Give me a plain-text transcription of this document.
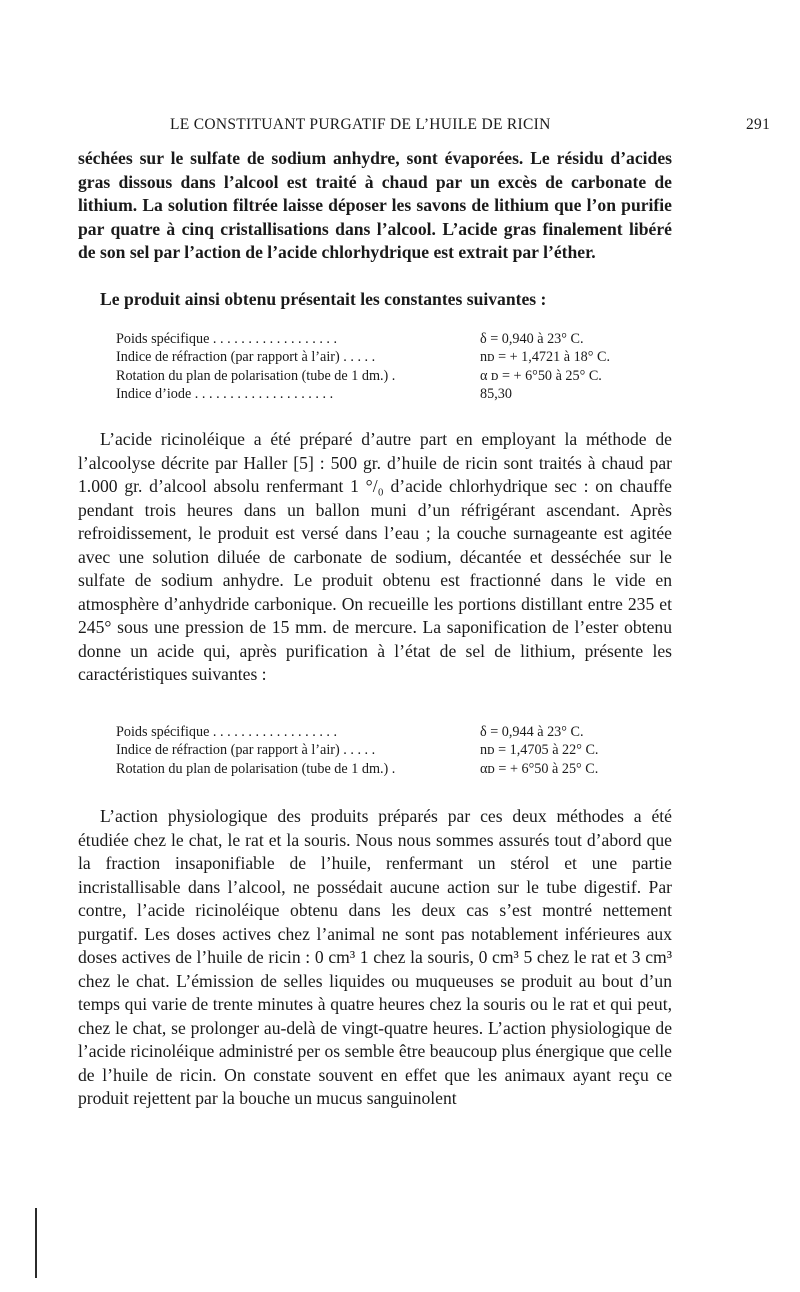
LE CONSTITUANT PURGATIF DE L’HUILE DE RICIN	291

séchées sur le sulfate de sodium anhydre, sont évaporées. Le résidu d’acides gras dissous dans l’alcool est traité à chaud par un excès de carbonate de lithium. La solution filtrée laisse déposer les savons de lithium que l’on purifie par quatre à cinq cristallisations dans l’alcool. L’acide gras finalement libéré de son sel par l’action de l’acide chlorhydrique est extrait par l’éther.

Le produit ainsi obtenu présentait les constantes suivantes :

Poids spécifique . . . . . . . . . . . . . . . . . .	δ = 0,940 à 23° C.
Indice de réfraction (par rapport à l’air) . . . . .	nᴅ = + 1,4721 à 18° C.
Rotation du plan de polarisation (tube de 1 dm.) .	α ᴅ = + 6°50 à 25° C.
Indice d’iode . . . . . . . . . . . . . . . . . . . .	85,30

L’acide ricinoléique a été préparé d’autre part en employant la méthode de l’alcoolyse décrite par Haller [5] : 500 gr. d’huile de ricin sont traités à chaud par 1.000 gr. d’alcool absolu renfermant 1 °/₀ d’acide chlorhydrique sec : on chauffe pendant trois heures dans un ballon muni d’un réfrigérant ascendant. Après refroidissement, le produit est versé dans l’eau ; la couche surnageante est agitée avec une solution diluée de carbonate de sodium, décantée et desséchée sur le sulfate de sodium anhydre. Le produit obtenu est fractionné dans le vide en atmosphère d’anhydride carbonique. On recueille les portions distillant entre 235 et 245° sous une pression de 15 mm. de mercure. La saponification de l’ester obtenu donne un acide qui, après purification à l’état de sel de lithium, présente les caractéristiques suivantes :

Poids spécifique . . . . . . . . . . . . . . . . . .	δ = 0,944 à 23° C.
Indice de réfraction (par rapport à l’air) . . . . .	nᴅ = 1,4705 à 22° C.
Rotation du plan de polarisation (tube de 1 dm.) .	αᴅ = + 6°50 à 25° C.

L’action physiologique des produits préparés par ces deux méthodes a été étudiée chez le chat, le rat et la souris. Nous nous sommes assurés tout d’abord que la fraction insaponifiable de l’huile, renfermant un stérol et une partie incristallisable dans l’alcool, ne possédait aucune action sur le tube digestif. Par contre, l’acide ricinoléique obtenu dans les deux cas s’est montré nettement purgatif. Les doses actives chez l’animal ne sont pas notablement inférieures aux doses actives de l’huile de ricin : 0 cm³ 1 chez la souris, 0 cm³ 5 chez le rat et 3 cm³ chez le chat. L’émission de selles liquides ou muqueuses se produit au bout d’un temps qui varie de trente minutes à quatre heures chez la souris ou le rat et qui peut, chez le chat, se prolonger au-delà de vingt-quatre heures. L’action physiologique de l’acide ricinoléique administré per os semble être beaucoup plus énergique que celle de l’huile de ricin. On constate souvent en effet que les animaux ayant reçu ce produit rejettent par la bouche un mucus sanguinolent
